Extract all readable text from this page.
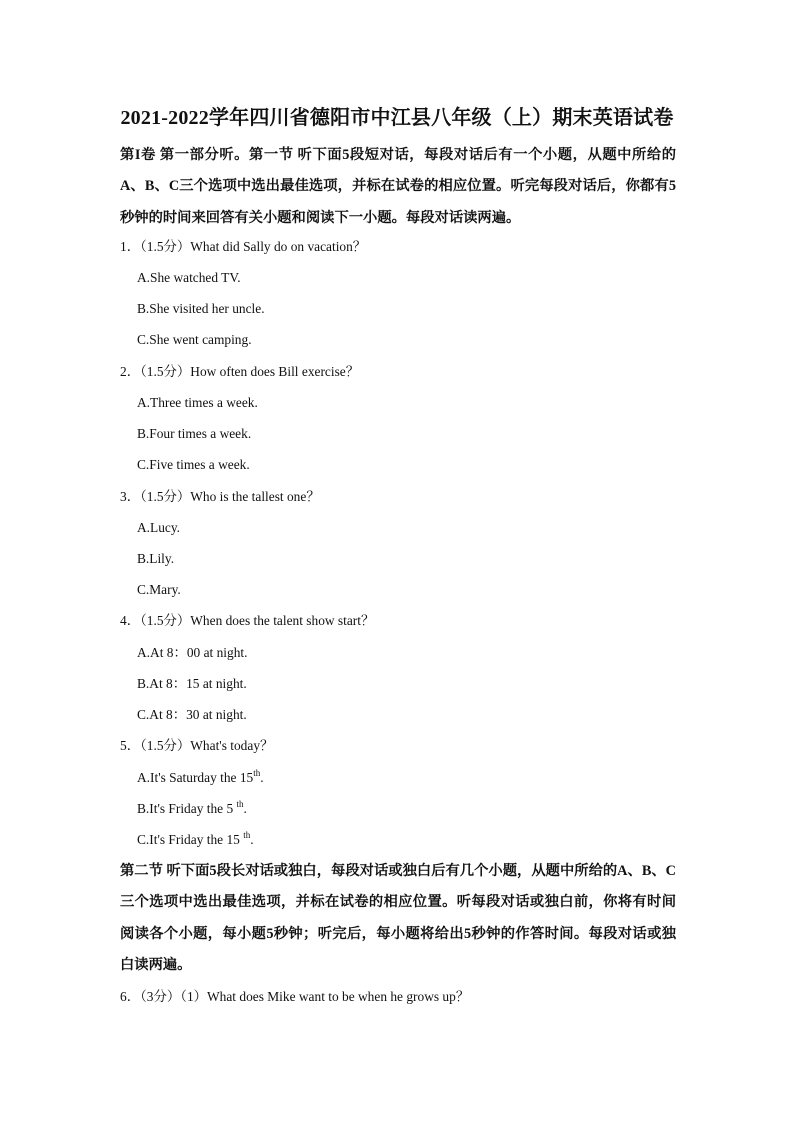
2021-2022学年四川省德阳市中江县八年级（上）期末英语试卷

第I卷 第一部分听。第一节 听下面5段短对话，每段对话后有一个小题，从题中所给的A、B、C三个选项中选出最佳选项，并标在试卷的相应位置。听完每段对话后，你都有5秒钟的时间来回答有关小题和阅读下一小题。每段对话读两遍。

1．（1.5分）What did Sally do on vacation？
A.She watched TV.
B.She visited her uncle.
C.She went camping.
2．（1.5分）How often does Bill exercise？
A.Three times a week.
B.Four times a week.
C.Five times a week.
3．（1.5分）Who is the tallest one？
A.Lucy.
B.Lily.
C.Mary.
4．（1.5分）When does the talent show start？
A.At 8：00 at night.
B.At 8：15 at night.
C.At 8：30 at night.
5．（1.5分）What's today？
A.It's Saturday the 15th.
B.It's Friday the 5 $^{th}$.
C.It's Friday the 15 $^{th}$.

第二节 听下面5段长对话或独白，每段对话或独白后有几个小题，从题中所给的A、B、C三个选项中选出最佳选项，并标在试卷的相应位置。听每段对话或独白前，你将有时间阅读各个小题，每小题5秒钟；听完后，每小题将给出5秒钟的作答时间。每段对话或独白读两遍。

6．（3分）（1）What does Mike want to be when he grows up？
